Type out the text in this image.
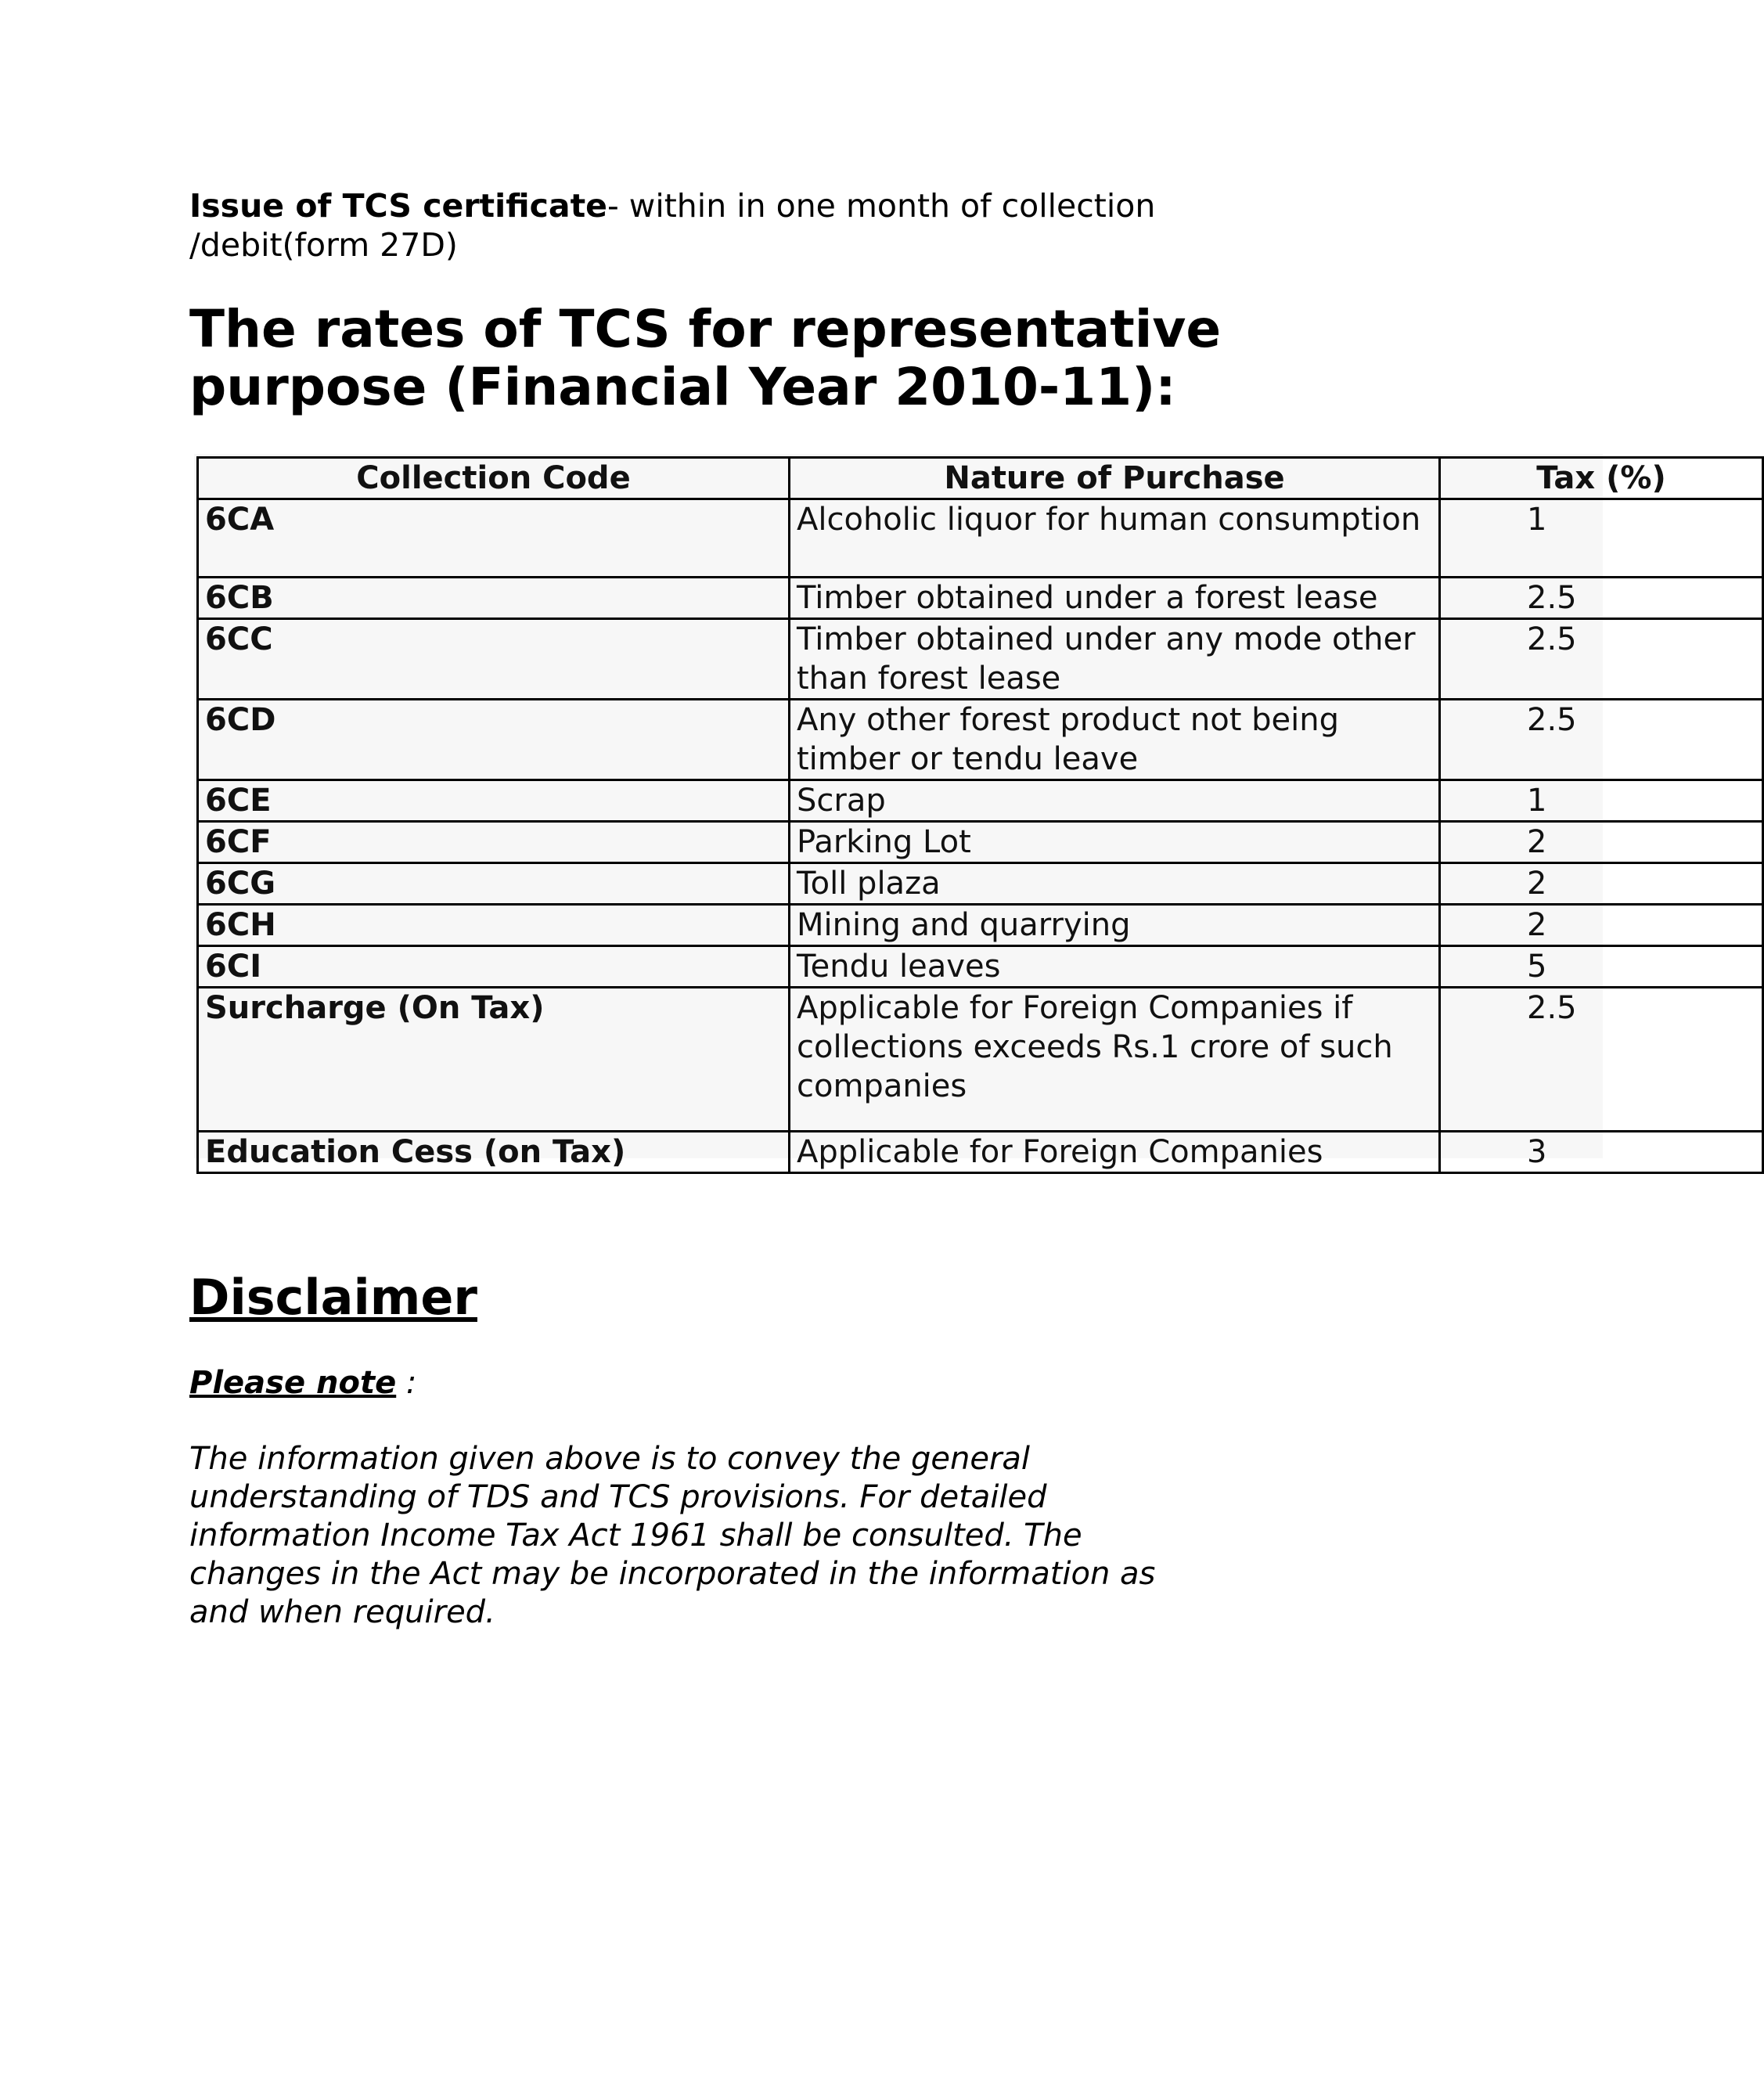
Issue of TCS certificate- within in one month of collection /debit(form 27D)
The rates of TCS for representative purpose (Financial Year 2010-11):
Collection Code	Nature of Purchase	Tax (%)
6CA	Alcoholic liquor for human consumption	1
6CB	Timber obtained under a forest lease	2.5
6CC	Timber obtained under any mode other than forest lease	2.5
6CD	Any other forest product not being timber or tendu leave	2.5
6CE	Scrap	1
6CF	Parking Lot	2
6CG	Toll plaza	2
6CH	Mining and quarrying	2
6CI	Tendu leaves	5
Surcharge (On Tax)	Applicable for Foreign Companies if collections exceeds Rs.1 crore of such companies	2.5
Education Cess (on Tax)	Applicable for Foreign Companies	3
Disclaimer
Please note :
The information given above is to convey the general understanding of TDS and TCS provisions. For detailed information Income Tax Act 1961 shall be consulted. The changes in the Act may be incorporated in the information as and when required.
